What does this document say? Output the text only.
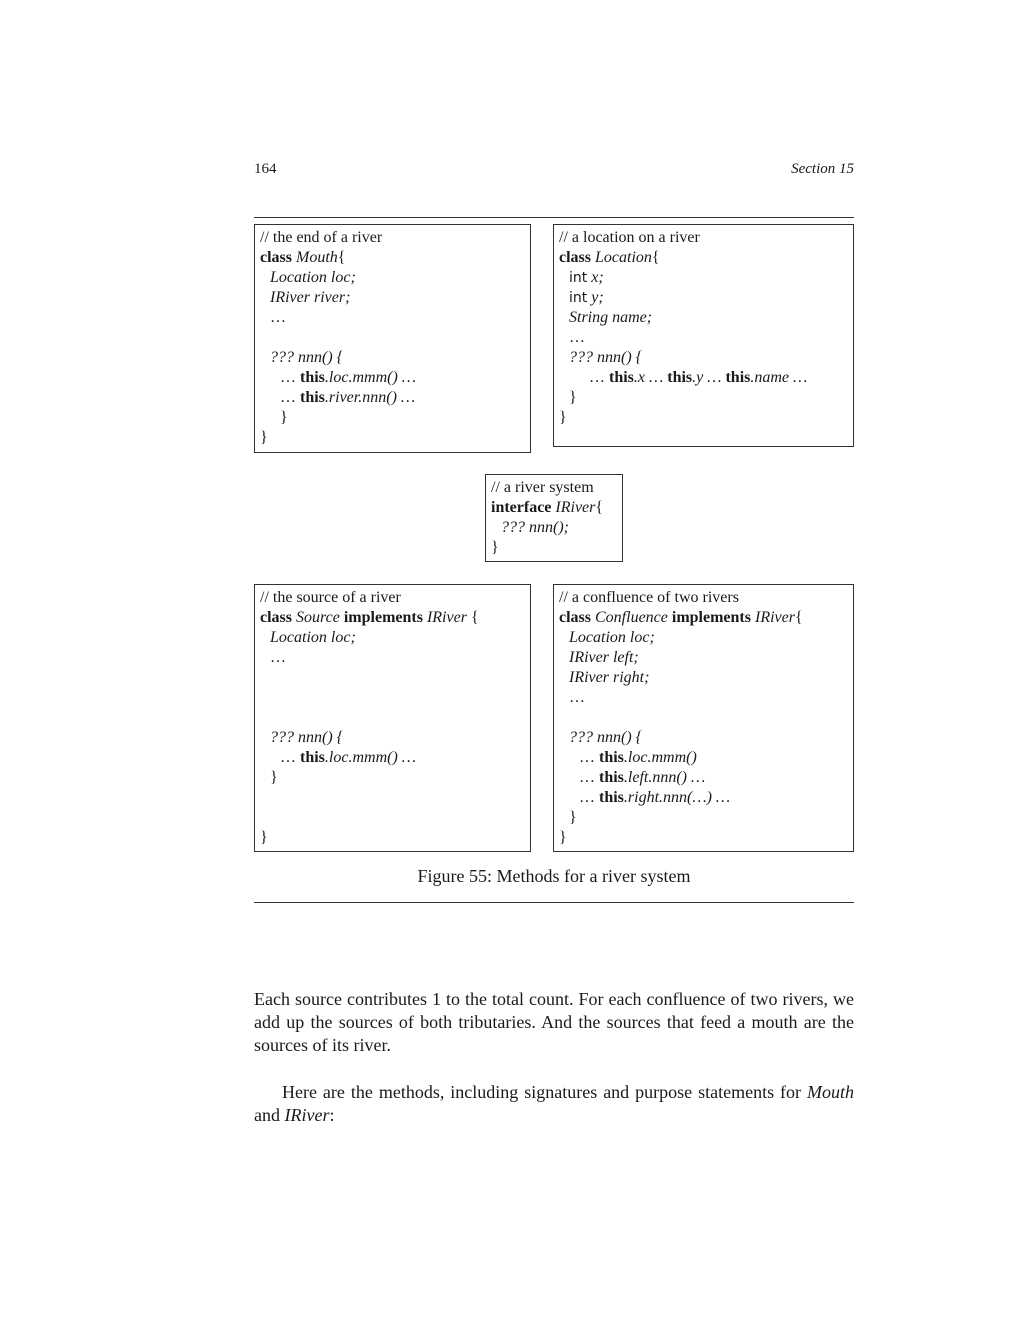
164	Section 15
// the end of a river
class Mouth{
Location loc;
IRiver river;
…
??? nnn() {
… this.loc.mmm() …
… this.river.nnn() …
}
}
// a location on a river
class Location{
int x;
int y;
String name;
…
??? nnn() {
… this.x … this.y … this.name …
}
}
// a river system
interface IRiver{
??? nnn();
}
// the source of a river
class Source implements IRiver {
Location loc;
…
??? nnn() {
… this.loc.mmm() …
}
}
// a confluence of two rivers
class Confluence implements IRiver{
Location loc;
IRiver left;
IRiver right;
…
??? nnn() {
… this.loc.mmm()
… this.left.nnn() …
… this.right.nnn(…) …
}
}
Figure 55: Methods for a river system
Each source contributes 1 to the total count. For each confluence of two rivers, we add up the sources of both tributaries. And the sources that feed a mouth are the sources of its river.
Here are the methods, including signatures and purpose statements for Mouth and IRiver:
